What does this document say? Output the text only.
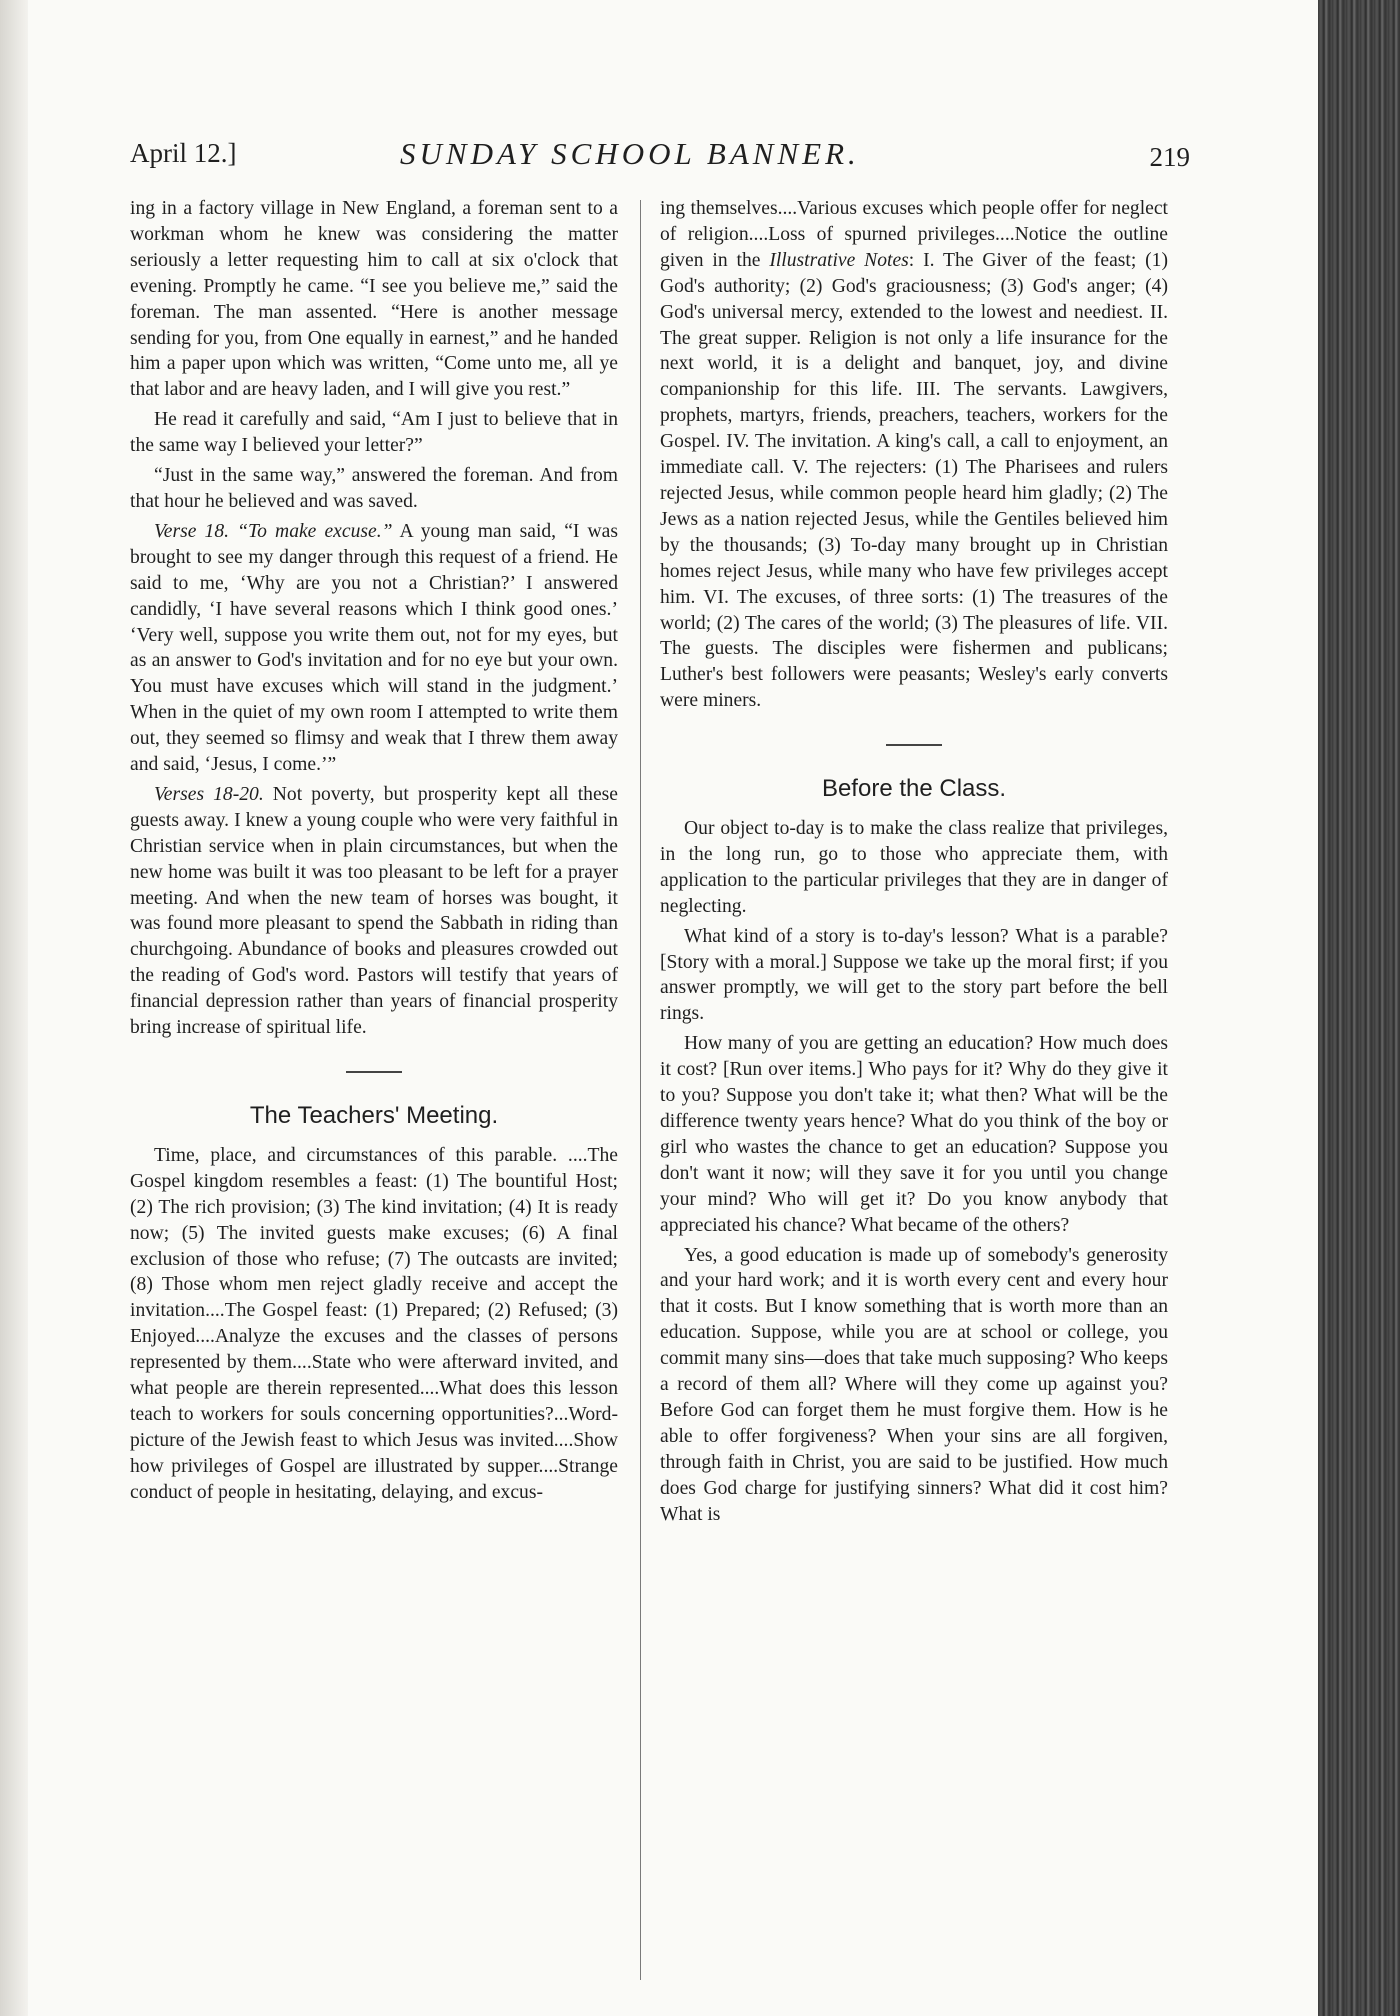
April 12.]	SUNDAY SCHOOL BANNER.	219

ing in a factory village in New England, a foreman sent to a workman whom he knew was considering the matter seriously a letter requesting him to call at six o'clock that evening. Promptly he came. “I see you believe me,” said the foreman. The man assented. “Here is another message sending for you, from One equally in earnest,” and he handed him a paper upon which was written, “Come unto me, all ye that labor and are heavy laden, and I will give you rest.”

He read it carefully and said, “Am I just to believe that in the same way I believed your letter?”

“Just in the same way,” answered the foreman. And from that hour he believed and was saved.

Verse 18. “To make excuse.” A young man said, “I was brought to see my danger through this request of a friend. He said to me, ‘Why are you not a Christian?’ I answered candidly, ‘I have several reasons which I think good ones.’ ‘Very well, suppose you write them out, not for my eyes, but as an answer to God's invitation and for no eye but your own. You must have excuses which will stand in the judgment.’ When in the quiet of my own room I attempted to write them out, they seemed so flimsy and weak that I threw them away and said, ‘Jesus, I come.’”

Verses 18-20. Not poverty, but prosperity kept all these guests away. I knew a young couple who were very faithful in Christian service when in plain circumstances, but when the new home was built it was too pleasant to be left for a prayer meeting. And when the new team of horses was bought, it was found more pleasant to spend the Sabbath in riding than churchgoing. Abundance of books and pleasures crowded out the reading of God's word. Pastors will testify that years of financial depression rather than years of financial prosperity bring increase of spiritual life.

The Teachers' Meeting.

Time, place, and circumstances of this parable. ....The Gospel kingdom resembles a feast: (1) The bountiful Host; (2) The rich provision; (3) The kind invitation; (4) It is ready now; (5) The invited guests make excuses; (6) A final exclusion of those who refuse; (7) The outcasts are invited; (8) Those whom men reject gladly receive and accept the invitation....The Gospel feast: (1) Prepared; (2) Refused; (3) Enjoyed....Analyze the excuses and the classes of persons represented by them....State who were afterward invited, and what people are therein represented....What does this lesson teach to workers for souls concerning opportunities?...Word-picture of the Jewish feast to which Jesus was invited....Show how privileges of Gospel are illustrated by supper....Strange conduct of people in hesitating, delaying, and excus-

ing themselves....Various excuses which people offer for neglect of religion....Loss of spurned privileges....Notice the outline given in the Illustrative Notes: I. The Giver of the feast; (1) God's authority; (2) God's graciousness; (3) God's anger; (4) God's universal mercy, extended to the lowest and neediest. II. The great supper. Religion is not only a life insurance for the next world, it is a delight and banquet, joy, and divine companionship for this life. III. The servants. Lawgivers, prophets, martyrs, friends, preachers, teachers, workers for the Gospel. IV. The invitation. A king's call, a call to enjoyment, an immediate call. V. The rejecters: (1) The Pharisees and rulers rejected Jesus, while common people heard him gladly; (2) The Jews as a nation rejected Jesus, while the Gentiles believed him by the thousands; (3) To-day many brought up in Christian homes reject Jesus, while many who have few privileges accept him. VI. The excuses, of three sorts: (1) The treasures of the world; (2) The cares of the world; (3) The pleasures of life. VII. The guests. The disciples were fishermen and publicans; Luther's best followers were peasants; Wesley's early converts were miners.

Before the Class.

Our object to-day is to make the class realize that privileges, in the long run, go to those who appreciate them, with application to the particular privileges that they are in danger of neglecting.

What kind of a story is to-day's lesson? What is a parable? [Story with a moral.] Suppose we take up the moral first; if you answer promptly, we will get to the story part before the bell rings.

How many of you are getting an education? How much does it cost? [Run over items.] Who pays for it? Why do they give it to you? Suppose you don't take it; what then? What will be the difference twenty years hence? What do you think of the boy or girl who wastes the chance to get an education? Suppose you don't want it now; will they save it for you until you change your mind? Who will get it? Do you know anybody that appreciated his chance? What became of the others?

Yes, a good education is made up of somebody's generosity and your hard work; and it is worth every cent and every hour that it costs. But I know something that is worth more than an education. Suppose, while you are at school or college, you commit many sins—does that take much supposing? Who keeps a record of them all? Where will they come up against you? Before God can forget them he must forgive them. How is he able to offer forgiveness? When your sins are all forgiven, through faith in Christ, you are said to be justified. How much does God charge for justifying sinners? What did it cost him? What is
